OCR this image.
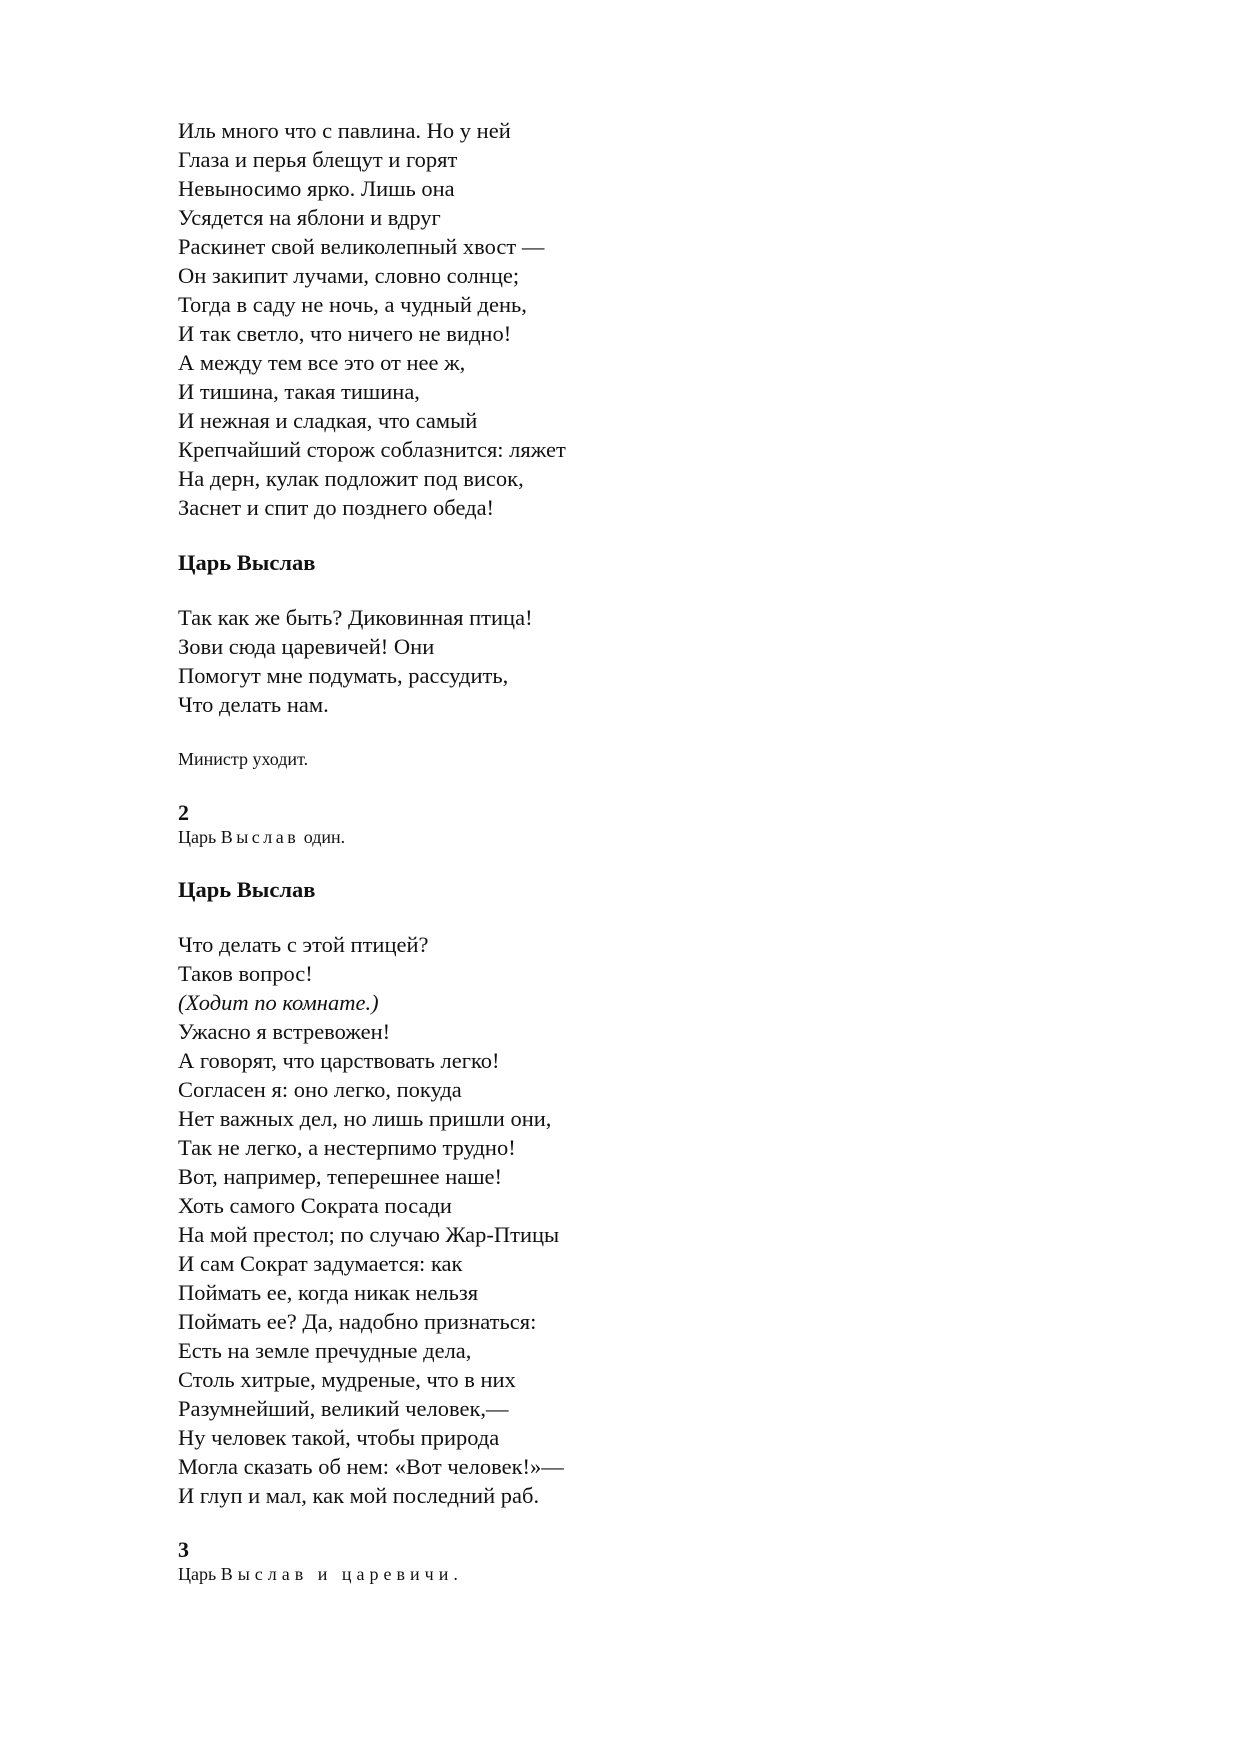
Иль много что с павлина. Но у ней
Глаза и перья блещут и горят
Невыносимо ярко. Лишь она
Усядется на яблони и вдруг
Раскинет свой великолепный хвост —
Он закипит лучами, словно солнце;
Тогда в саду не ночь, а чудный день,
И так светло, что ничего не видно!
А между тем все это от нее ж,
И тишина, такая тишина,
И нежная и сладкая, что самый
Крепчайший сторож соблазнится: ляжет
На дерн, кулак подложит под висок,
Заснет и спит до позднего обеда!
Царь Выслав
Так как же быть? Диковинная птица!
Зови сюда царевичей! Они
Помогут мне подумать, рассудить,
Что делать нам.
Министр уходит.
2
Царь Выслав один.
Царь Выслав
Что делать с этой птицей?
Таков вопрос!
(Ходит по комнате.)
Ужасно я встревожен!
А говорят, что царствовать легко!
Согласен я: оно легко, покуда
Нет важных дел, но лишь пришли они,
Так не легко, а нестерпимо трудно!
Вот, например, теперешнее наше!
Хоть самого Сократа посади
На мой престол; по случаю Жар-Птицы
И сам Сократ задумается: как
Поймать ее, когда никак нельзя
Поймать ее? Да, надобно признаться:
Есть на земле пречудные дела,
Столь хитрые, мудреные, что в них
Разумнейший, великий человек,—
Ну человек такой, чтобы природа
Могла сказать об нем: «Вот человек!»—
И глуп и мал, как мой последний раб.
3
Царь Выслав и царевичи.
